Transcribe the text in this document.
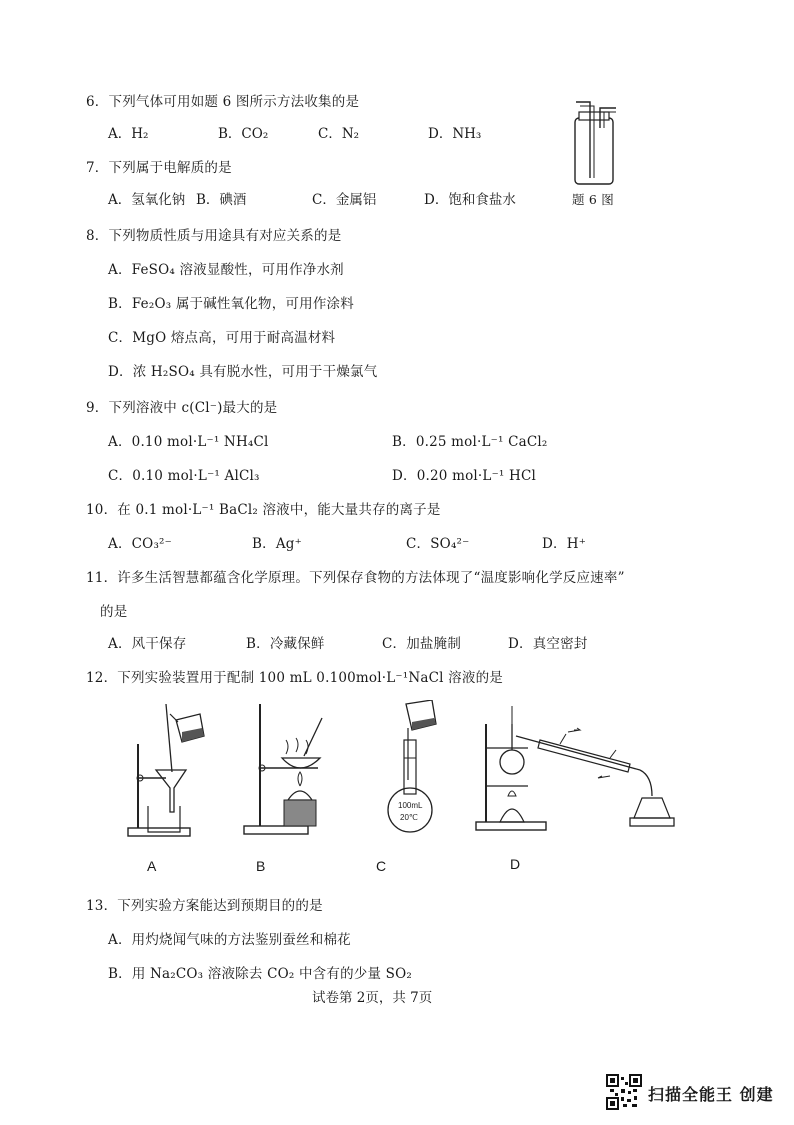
6．下列气体可用如题 6 图所示方法收集的是
A．H₂	B．CO₂	C．N₂	D．NH₃
题 6 图
7．下列属于电解质的是
A．氢氧化钠 B．碘酒	C．金属铝	D．饱和食盐水
8．下列物质性质与用途具有对应关系的是
A．FeSO₄ 溶液显酸性，可用作净水剂
B．Fe₂O₃ 属于碱性氧化物，可用作涂料
C．MgO 熔点高，可用于耐高温材料
D．浓 H₂SO₄ 具有脱水性，可用于干燥氯气
9．下列溶液中 c(Cl⁻)最大的是
A．0.10 mol·L⁻¹ NH₄Cl	B．0.25 mol·L⁻¹ CaCl₂
C．0.10 mol·L⁻¹ AlCl₃	D．0.20 mol·L⁻¹ HCl
10．在 0.1 mol·L⁻¹ BaCl₂ 溶液中，能大量共存的离子是
A．CO₃²⁻	B．Ag⁺	C．SO₄²⁻	D．H⁺
11．许多生活智慧都蕴含化学原理。下列保存食物的方法体现了“温度影响化学反应速率”
的是
A．风干保存	B．冷藏保鲜	C．加盐腌制	D．真空密封
12．下列实验装置用于配制 100 mL 0.100mol·L⁻¹NaCl 溶液的是
A	B
100mL
20℃
C	D
13．下列实验方案能达到预期目的的是
A．用灼烧闻气味的方法鉴别蚕丝和棉花
B．用 Na₂CO₃ 溶液除去 CO₂ 中含有的少量 SO₂
试卷第 2页，共 7页
扫描全能王 创建
